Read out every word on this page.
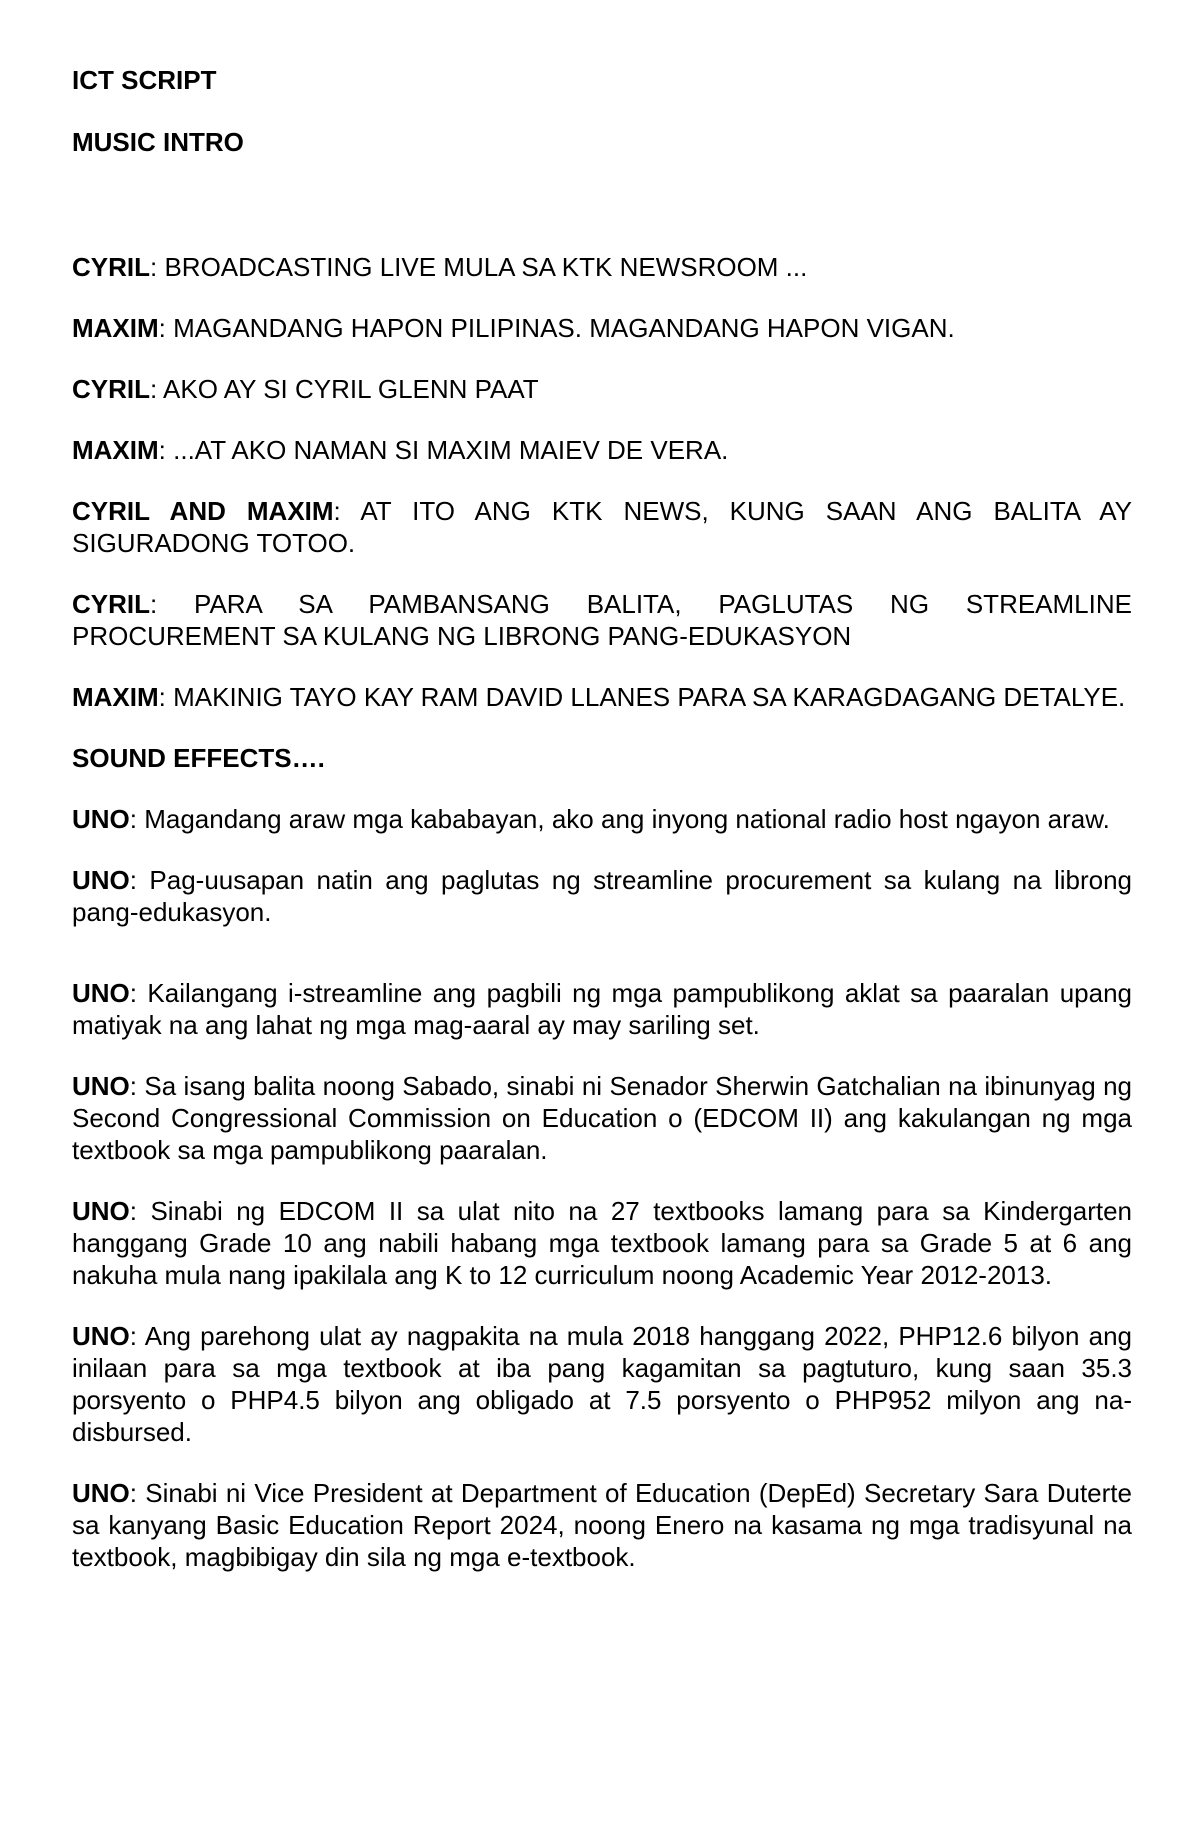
ICT SCRIPT

MUSIC INTRO

CYRIL: BROADCASTING LIVE MULA SA KTK NEWSROOM ...

MAXIM: MAGANDANG HAPON PILIPINAS. MAGANDANG HAPON VIGAN.

CYRIL: AKO AY SI CYRIL GLENN PAAT

MAXIM: ...AT AKO NAMAN SI MAXIM MAIEV DE VERA.

CYRIL AND MAXIM: AT ITO ANG KTK NEWS, KUNG SAAN ANG BALITA AY SIGURADONG TOTOO.

CYRIL: PARA SA PAMBANSANG BALITA, PAGLUTAS NG STREAMLINE PROCUREMENT SA KULANG NG LIBRONG PANG-EDUKASYON

MAXIM: MAKINIG TAYO KAY RAM DAVID LLANES PARA SA KARAGDAGANG DETALYE.

SOUND EFFECTS….

UNO: Magandang araw mga kababayan, ako ang inyong national radio host ngayon araw.

UNO: Pag-uusapan natin ang paglutas ng streamline procurement sa kulang na librong pang-edukasyon.

UNO: Kailangang i-streamline ang pagbili ng mga pampublikong aklat sa paaralan upang matiyak na ang lahat ng mga mag-aaral ay may sariling set.

UNO: Sa isang balita noong Sabado, sinabi ni Senador Sherwin Gatchalian na ibinunyag ng Second Congressional Commission on Education o (EDCOM II) ang kakulangan ng mga textbook sa mga pampublikong paaralan.

UNO: Sinabi ng EDCOM II sa ulat nito na 27 textbooks lamang para sa Kindergarten hanggang Grade 10 ang nabili habang mga textbook lamang para sa Grade 5 at 6 ang nakuha mula nang ipakilala ang K to 12 curriculum noong Academic Year 2012-2013.

UNO: Ang parehong ulat ay nagpakita na mula 2018 hanggang 2022, PHP12.6 bilyon ang inilaan para sa mga textbook at iba pang kagamitan sa pagtuturo, kung saan 35.3 porsyento o PHP4.5 bilyon ang obligado at 7.5 porsyento o PHP952 milyon ang na-disbursed.

UNO: Sinabi ni Vice President at Department of Education (DepEd) Secretary Sara Duterte sa kanyang Basic Education Report 2024, noong Enero na kasama ng mga tradisyunal na textbook, magbibigay din sila ng mga e-textbook.
